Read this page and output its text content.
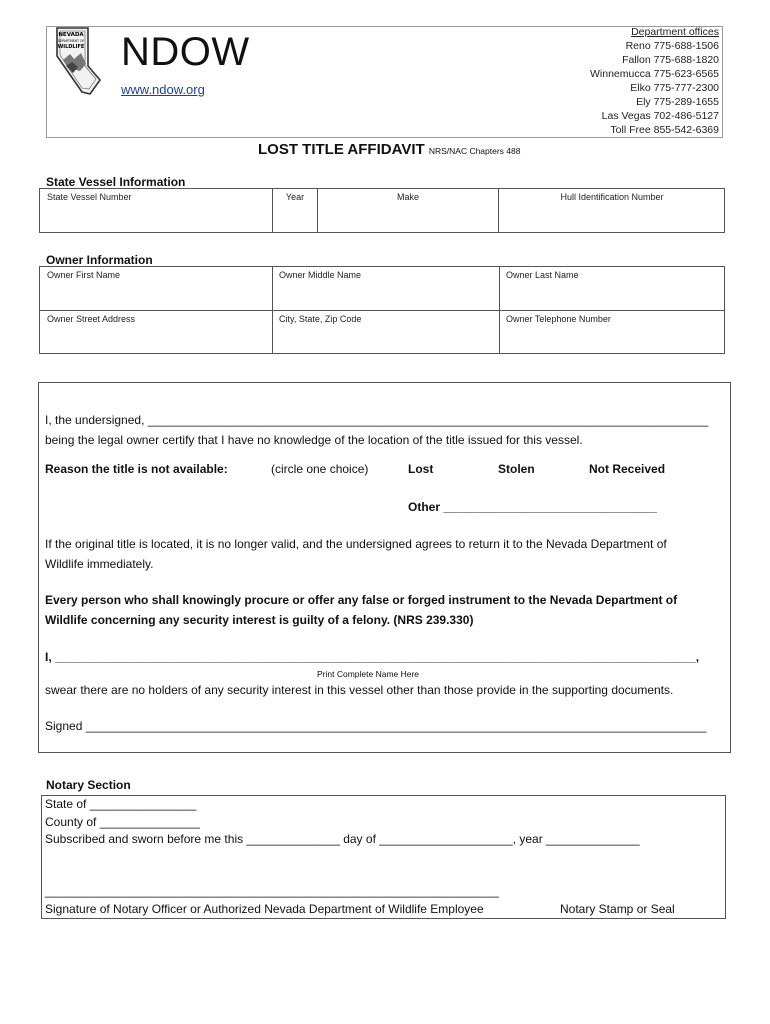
NEVADA
DEPARTMENT OF
WILDLIFE NDOW
www.ndow.org
Department offices
Reno 775-688-1506
Fallon 775-688-1820
Winnemucca 775-623-6565
Elko 775-777-2300
Ely 775-289-1655
Las Vegas 702-486-5127
Toll Free 855-542-6369
LOST TITLE AFFIDAVIT NRS/NAC Chapters 488
State Vessel Information
State Vessel Number	Year	Make	Hull Identification Number
Owner Information
Owner First Name	Owner Middle Name	Owner Last Name
Owner Street Address	City, State, Zip Code	Owner Telephone Number
I, the undersigned, ____________________________________________________________________________________
being the legal owner certify that I have no knowledge of the location of the title issued for this vessel.
Reason the title is not available:	(circle one choice)	Lost	Stolen	Not Received
Other ________________________________
If the original title is located, it is no longer valid, and the undersigned agrees to return it to the Nevada Department of
Wildlife immediately.
Every person who shall knowingly procure or offer any false or forged instrument to the Nevada Department of
Wildlife concerning any security interest is guilty of a felony. (NRS 239.330)
I, ________________________________________________________________________________________________,
Print Complete Name Here
swear there are no holders of any security interest in this vessel other than those provide in the supporting documents.
Signed _____________________________________________________________________________________________
Notary Section
State of ________________
County of _______________
Subscribed and sworn before me this ______________ day of ____________________, year ______________
____________________________________________________________________
Signature of Notary Officer or Authorized Nevada Department of Wildlife Employee	Notary Stamp or Seal
